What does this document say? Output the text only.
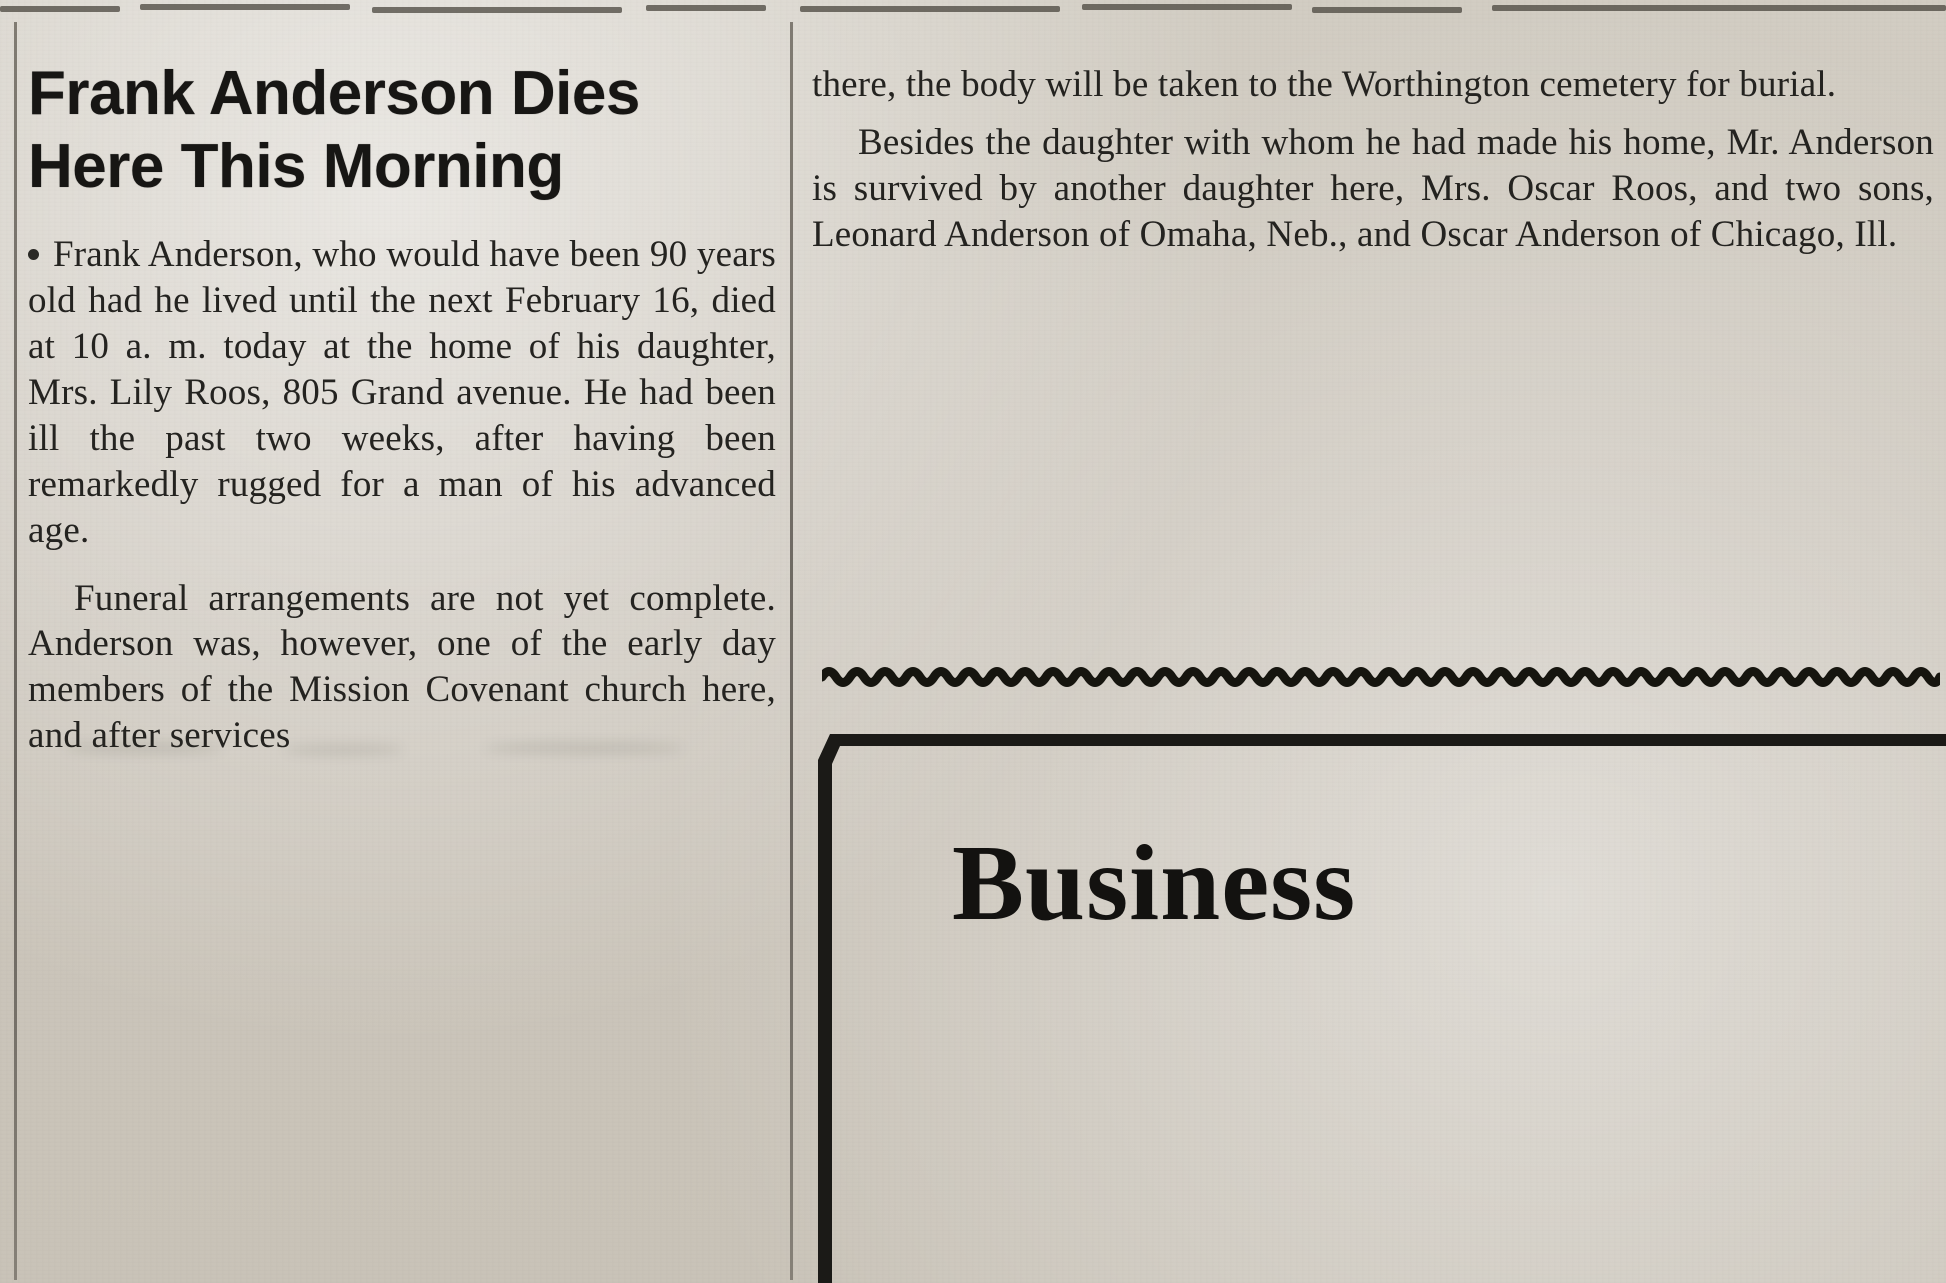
Frank Anderson Dies
Here This Morning

Frank Anderson, who would have been 90 years old had he lived until the next February 16, died at 10 a. m. today at the home of his daughter, Mrs. Lily Roos, 805 Grand avenue. He had been ill the past two weeks, after having been remarkedly rugged for a man of his advanced age.

Funeral arrangements are not yet complete. Anderson was, however, one of the early day members of the Mission Covenant church here, and after services

there, the body will be taken to the Worthington cemetery for burial.

Besides the daughter with whom he had made his home, Mr. Anderson is survived by another daughter here, Mrs. Oscar Roos, and two sons, Leonard Anderson of Omaha, Neb., and Oscar Anderson of Chicago, Ill.

Business
